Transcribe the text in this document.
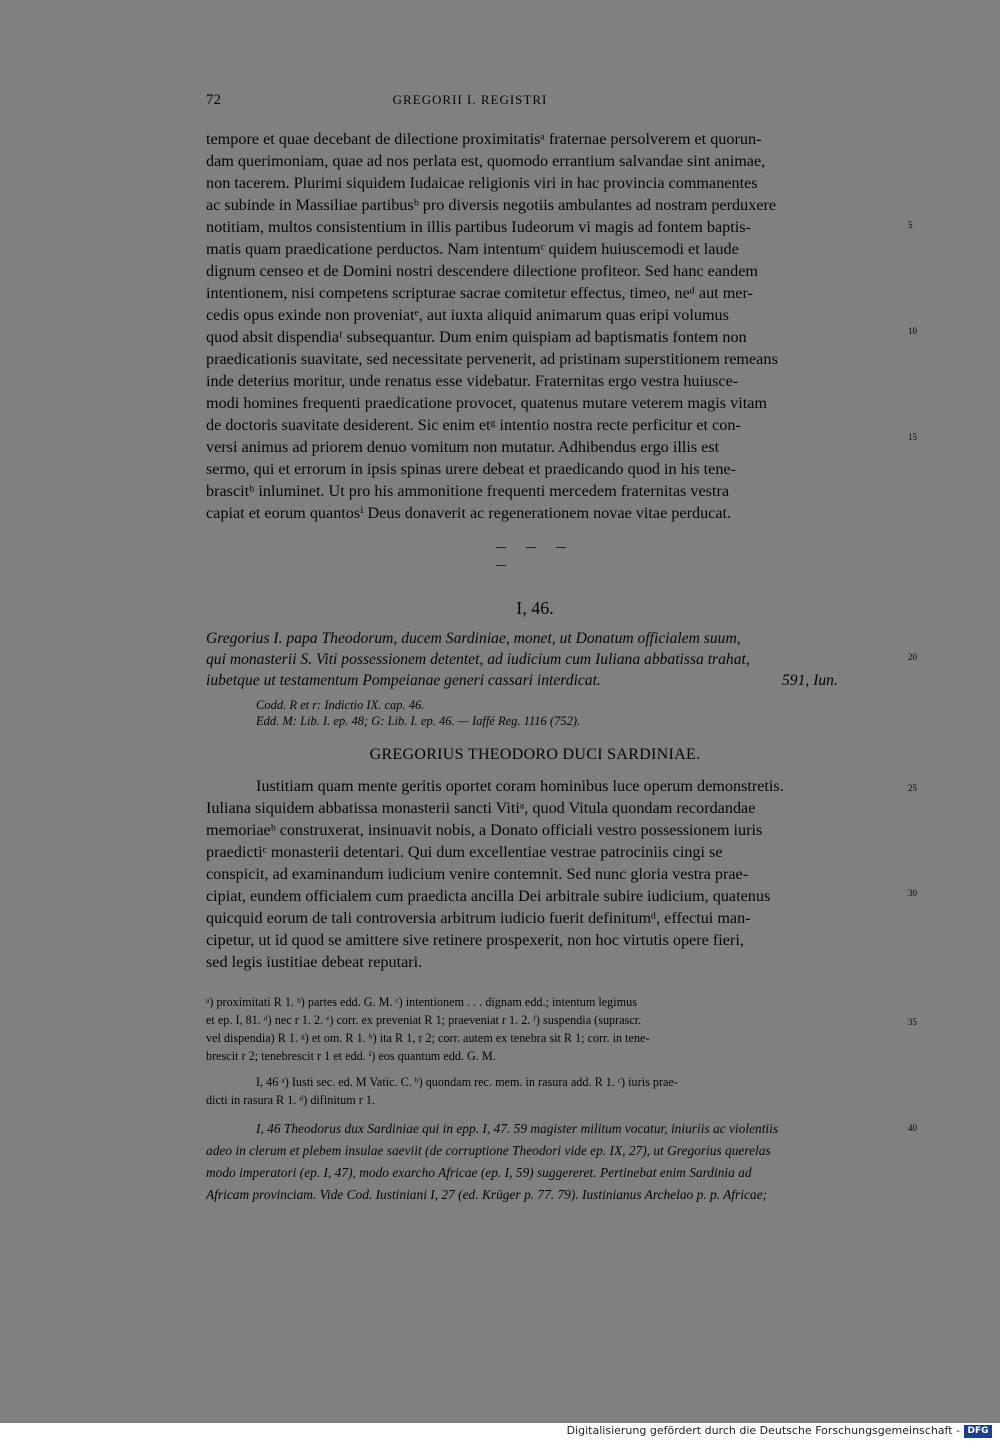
72	GREGORII I. REGISTRI
tempore et quae decebant de dilectione proximitatisᵃ fraternae persolverem et quorun-
dam querimoniam, quae ad nos perlata est, quomodo errantium salvandae sint animae,
non tacerem. Plurimi siquidem Iudaicae religionis viri in hac provincia commanentes
ac subinde in Massiliae partibusᵇ pro diversis negotiis ambulantes ad nostram perduxere
notitiam, multos consistentium in illis partibus Iudeorum vi magis ad fontem baptis-
matis quam praedicatione perductos. Nam intentumᶜ quidem huiuscemodi et laude
dignum censeo et de Domini nostri descendere dilectione profiteor. Sed hanc eandem
intentionem, nisi competens scripturae sacrae comitetur effectus, timeo, neᵈ aut mer-
cedis opus exinde non proveniatᵉ, aut iuxta aliquid animarum quas eripi volumus
quod absit dispendiaᶠ subsequantur. Dum enim quispiam ad baptismatis fontem non
praedicationis suavitate, sed necessitate pervenerit, ad pristinam superstitionem remeans
inde deterius moritur, unde renatus esse videbatur. Fraternitas ergo vestra huiusce-
modi homines frequenti praedicatione provocet, quatenus mutare veterem magis vitam
de doctoris suavitate desiderent. Sic enim etᵍ intentio nostra recte perficitur et con-
versi animus ad priorem denuo vomitum non mutatur. Adhibendus ergo illis est
sermo, qui et errorum in ipsis spinas urere debeat et praedicando quod in his tene-
brascitʰ inluminet. Ut pro his ammonitione frequenti mercedem fraternitas vestra
capiat et eorum quantosⁱ Deus donaverit ac regenerationem novae vitae perducat.
5
10
15
20
25
30
35
40
I, 46.
Gregorius I. papa Theodorum, ducem Sardiniae, monet, ut Donatum officialem suum,
qui monasterii S. Viti possessionem detentet, ad iudicium cum Iuliana abbatissa trahat,
iubetque ut testamentum Pompeianae generi cassari interdicat.	591, Iun.
Codd. R et r: Indictio IX. cap. 46.
Edd. M: Lib. I. ep. 48; G: Lib. I. ep. 46. — Iaffé Reg. 1116 (752).
GREGORIUS THEODORO DUCI SARDINIAE.
Iustitiam quam mente geritis oportet coram hominibus luce operum demonstretis.
Iuliana siquidem abbatissa monasterii sancti Vitiᵃ, quod Vitula quondam recordandae
memoriaeᵇ construxerat, insinuavit nobis, a Donato officiali vestro possessionem iuris
praedictiᶜ monasterii detentari. Qui dum excellentiae vestrae patrociniis cingi se
conspicit, ad examinandum iudicium venire contemnit. Sed nunc gloria vestra prae-
cipiat, eundem officialem cum praedicta ancilla Dei arbitrale subire iudicium, quatenus
quicquid eorum de tali controversia arbitrum iudicio fuerit definitumᵈ, effectui man-
cipetur, ut id quod se amittere sive retinere prospexerit, non hoc virtutis opere fieri,
sed legis iustitiae debeat reputari.
ᵃ) proximitati R 1. ᵇ) partes edd. G. M. ᶜ) intentionem . . . dignam edd.; intentum legimus
et ep. I, 81. ᵈ) nec r 1. 2. ᵉ) corr. ex preveniat R 1; praeveniat r 1. 2. ᶠ) suspendia (suprascr.
vel dispendia) R 1. ᵍ) et om. R 1. ʰ) ita R 1, r 2; corr. autem ex tenebra sit R 1; corr. in tene-
brescit r 2; tenebrescit r 1 et edd. ⁱ) eos quantum edd. G. M.
I, 46 ᵃ) Iusti sec. ed. M Vatic. C. ᵇ) quondam rec. mem. in rasura add. R 1. ᶜ) iuris prae-
dicti in rasura R 1. ᵈ) difinitum r 1.
I, 46 Theodorus dux Sardiniae qui in epp. I, 47. 59 magister militum vocatur, iniuriis ac violentiis
adeo in clerum et plebem insulae saeviit (de corruptione Theodori vide ep. IX, 27), ut Gregorius querelas
modo imperatori (ep. I, 47), modo exarcho Africae (ep. I, 59) suggereret. Pertinebat enim Sardinia ad
Africam provinciam. Vide Cod. Iustiniani I, 27 (ed. Krüger p. 77. 79). Iustinianus Archelao p. p. Africae;
Digitalisierung gefördert durch die Deutsche Forschungsgemeinschaft - DFG
